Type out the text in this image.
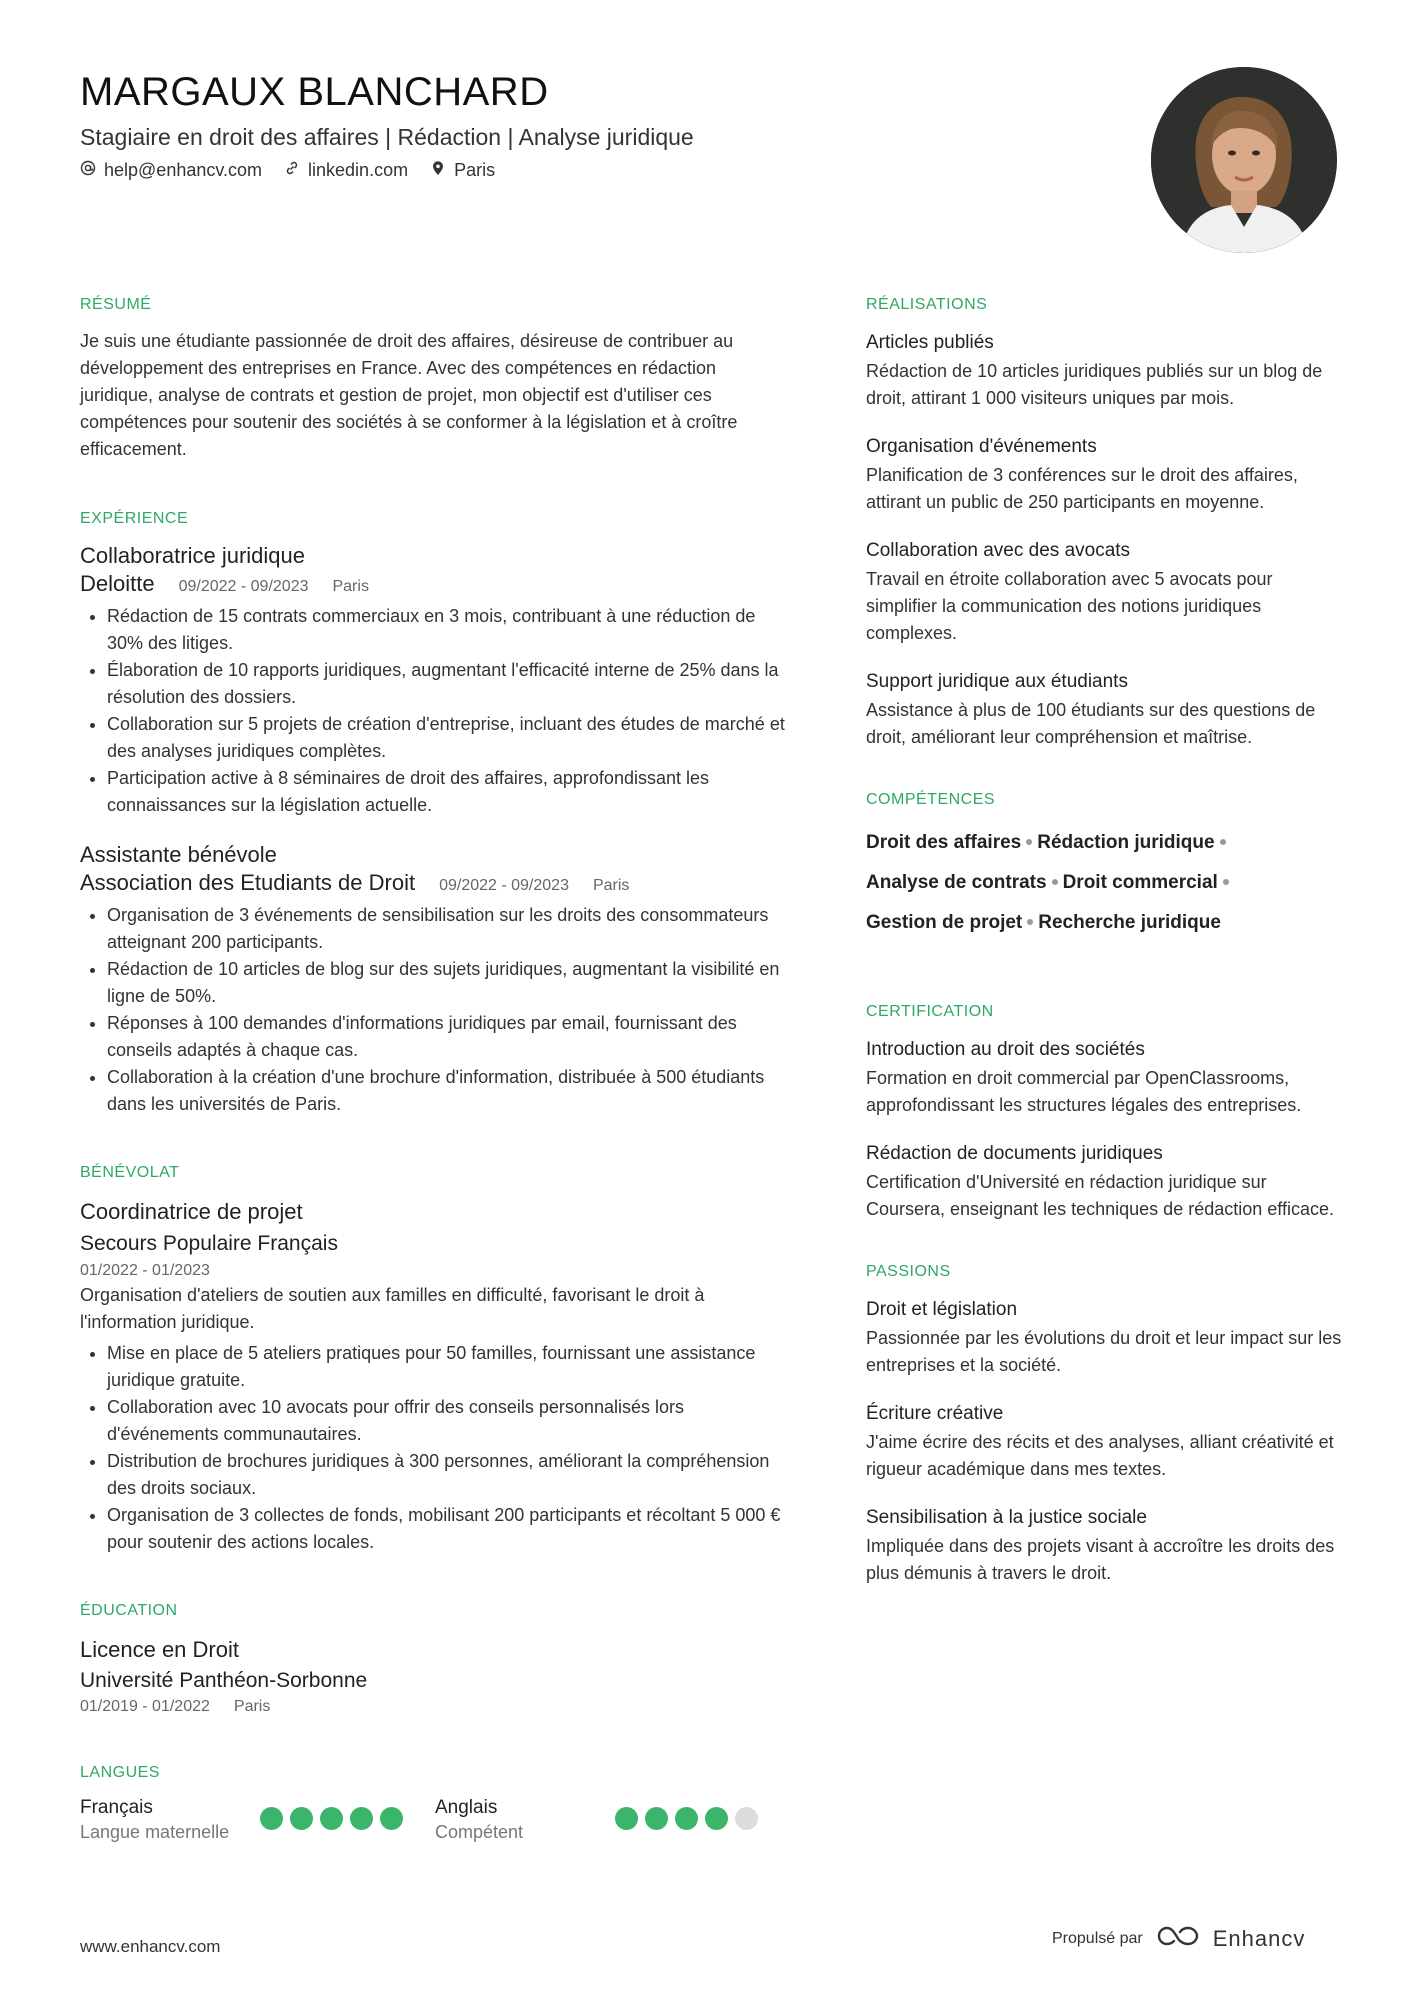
MARGAUX BLANCHARD
Stagiaire en droit des affaires | Rédaction | Analyse juridique
help@enhancv.com	linkedin.com	Paris
RÉSUMÉ
Je suis une étudiante passionnée de droit des affaires, désireuse de contribuer au développement des entreprises en France. Avec des compétences en rédaction juridique, analyse de contrats et gestion de projet, mon objectif est d'utiliser ces compétences pour soutenir des sociétés à se conformer à la législation et à croître efficacement.
EXPÉRIENCE
Collaboratrice juridique
Deloitte 09/2022 - 09/2023 Paris
• Rédaction de 15 contrats commerciaux en 3 mois, contribuant à une réduction de 30% des litiges.
• Élaboration de 10 rapports juridiques, augmentant l'efficacité interne de 25% dans la résolution des dossiers.
• Collaboration sur 5 projets de création d'entreprise, incluant des études de marché et des analyses juridiques complètes.
• Participation active à 8 séminaires de droit des affaires, approfondissant les connaissances sur la législation actuelle.
Assistante bénévole
Association des Etudiants de Droit 09/2022 - 09/2023 Paris
• Organisation de 3 événements de sensibilisation sur les droits des consommateurs atteignant 200 participants.
• Rédaction de 10 articles de blog sur des sujets juridiques, augmentant la visibilité en ligne de 50%.
• Réponses à 100 demandes d'informations juridiques par email, fournissant des conseils adaptés à chaque cas.
• Collaboration à la création d'une brochure d'information, distribuée à 500 étudiants dans les universités de Paris.
BÉNÉVOLAT
Coordinatrice de projet
Secours Populaire Français
01/2022 - 01/2023
Organisation d'ateliers de soutien aux familles en difficulté, favorisant le droit à l'information juridique.
• Mise en place de 5 ateliers pratiques pour 50 familles, fournissant une assistance juridique gratuite.
• Collaboration avec 10 avocats pour offrir des conseils personnalisés lors d'événements communautaires.
• Distribution de brochures juridiques à 300 personnes, améliorant la compréhension des droits sociaux.
• Organisation de 3 collectes de fonds, mobilisant 200 participants et récoltant 5 000 € pour soutenir des actions locales.
ÉDUCATION
Licence en Droit
Université Panthéon-Sorbonne
01/2019 - 01/2022 Paris
LANGUES
Français
Langue maternelle
Anglais
Compétent
RÉALISATIONS
Articles publiés
Rédaction de 10 articles juridiques publiés sur un blog de droit, attirant 1 000 visiteurs uniques par mois.
Organisation d'événements
Planification de 3 conférences sur le droit des affaires, attirant un public de 250 participants en moyenne.
Collaboration avec des avocats
Travail en étroite collaboration avec 5 avocats pour simplifier la communication des notions juridiques complexes.
Support juridique aux étudiants
Assistance à plus de 100 étudiants sur des questions de droit, améliorant leur compréhension et maîtrise.
COMPÉTENCES
Droit des affaires Rédaction juridique
Analyse de contrats Droit commercial
Gestion de projet Recherche juridique
CERTIFICATION
Introduction au droit des sociétés
Formation en droit commercial par OpenClassrooms, approfondissant les structures légales des entreprises.
Rédaction de documents juridiques
Certification d'Université en rédaction juridique sur Coursera, enseignant les techniques de rédaction efficace.
PASSIONS
Droit et législation
Passionnée par les évolutions du droit et leur impact sur les entreprises et la société.
Écriture créative
J'aime écrire des récits et des analyses, alliant créativité et rigueur académique dans mes textes.
Sensibilisation à la justice sociale
Impliquée dans des projets visant à accroître les droits des plus démunis à travers le droit.
www.enhancv.com	Propulsé par	Enhancv
